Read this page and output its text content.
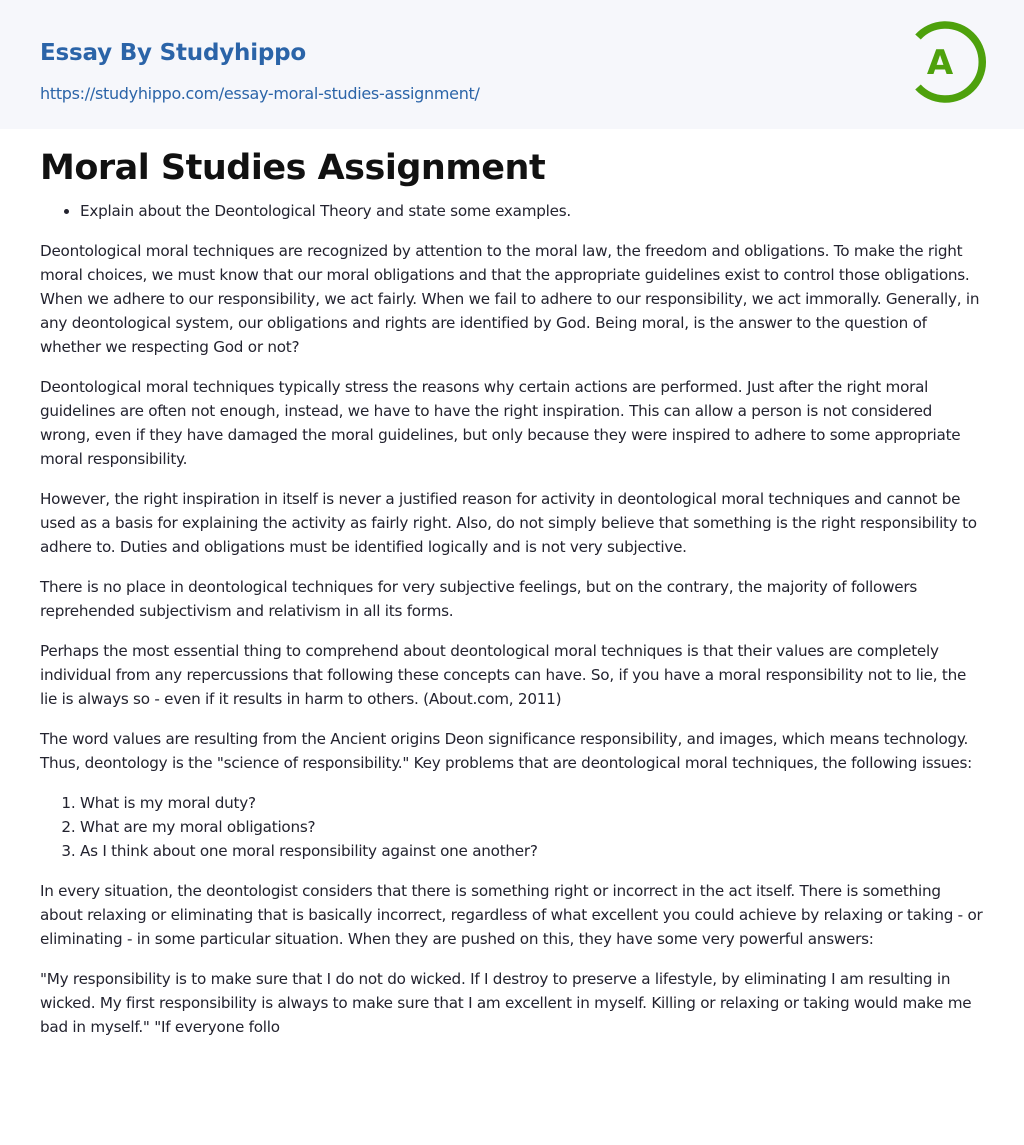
Essay By Studyhippo
https://studyhippo.com/essay-moral-studies-assignment/
A
Moral Studies Assignment
• Explain about the Deontological Theory and state some examples.

Deontological moral techniques are recognized by attention to the moral law, the freedom and obligations. To make the right moral choices, we must know that our moral obligations and that the appropriate guidelines exist to control those obligations. When we adhere to our responsibility, we act fairly. When we fail to adhere to our responsibility, we act immorally. Generally, in any deontological system, our obligations and rights are identified by God. Being moral, is the answer to the question of whether we respecting God or not?

Deontological moral techniques typically stress the reasons why certain actions are performed. Just after the right moral guidelines are often not enough, instead, we have to have the right inspiration. This can allow a person is not considered wrong, even if they have damaged the moral guidelines, but only because they were inspired to adhere to some appropriate moral responsibility.

However, the right inspiration in itself is never a justified reason for activity in deontological moral techniques and cannot be used as a basis for explaining the activity as fairly right. Also, do not simply believe that something is the right responsibility to adhere to. Duties and obligations must be identified logically and is not very subjective.

There is no place in deontological techniques for very subjective feelings, but on the contrary, the majority of followers reprehended subjectivism and relativism in all its forms.

Perhaps the most essential thing to comprehend about deontological moral techniques is that their values are completely individual from any repercussions that following these concepts can have. So, if you have a moral responsibility not to lie, the lie is always so - even if it results in harm to others. (About.com, 2011)

The word values are resulting from the Ancient origins Deon significance responsibility, and images, which means technology. Thus, deontology is the "science of responsibility." Key problems that are deontological moral techniques, the following issues:

1. What is my moral duty?
2. What are my moral obligations?
3. As I think about one moral responsibility against one another?

In every situation, the deontologist considers that there is something right or incorrect in the act itself. There is something about relaxing or eliminating that is basically incorrect, regardless of what excellent you could achieve by relaxing or taking - or eliminating - in some particular situation. When they are pushed on this, they have some very powerful answers:

"My responsibility is to make sure that I do not do wicked. If I destroy to preserve a lifestyle, by eliminating I am resulting in wicked. My first responsibility is always to make sure that I am excellent in myself. Killing or relaxing or taking would make me bad in myself." "If everyone follo
